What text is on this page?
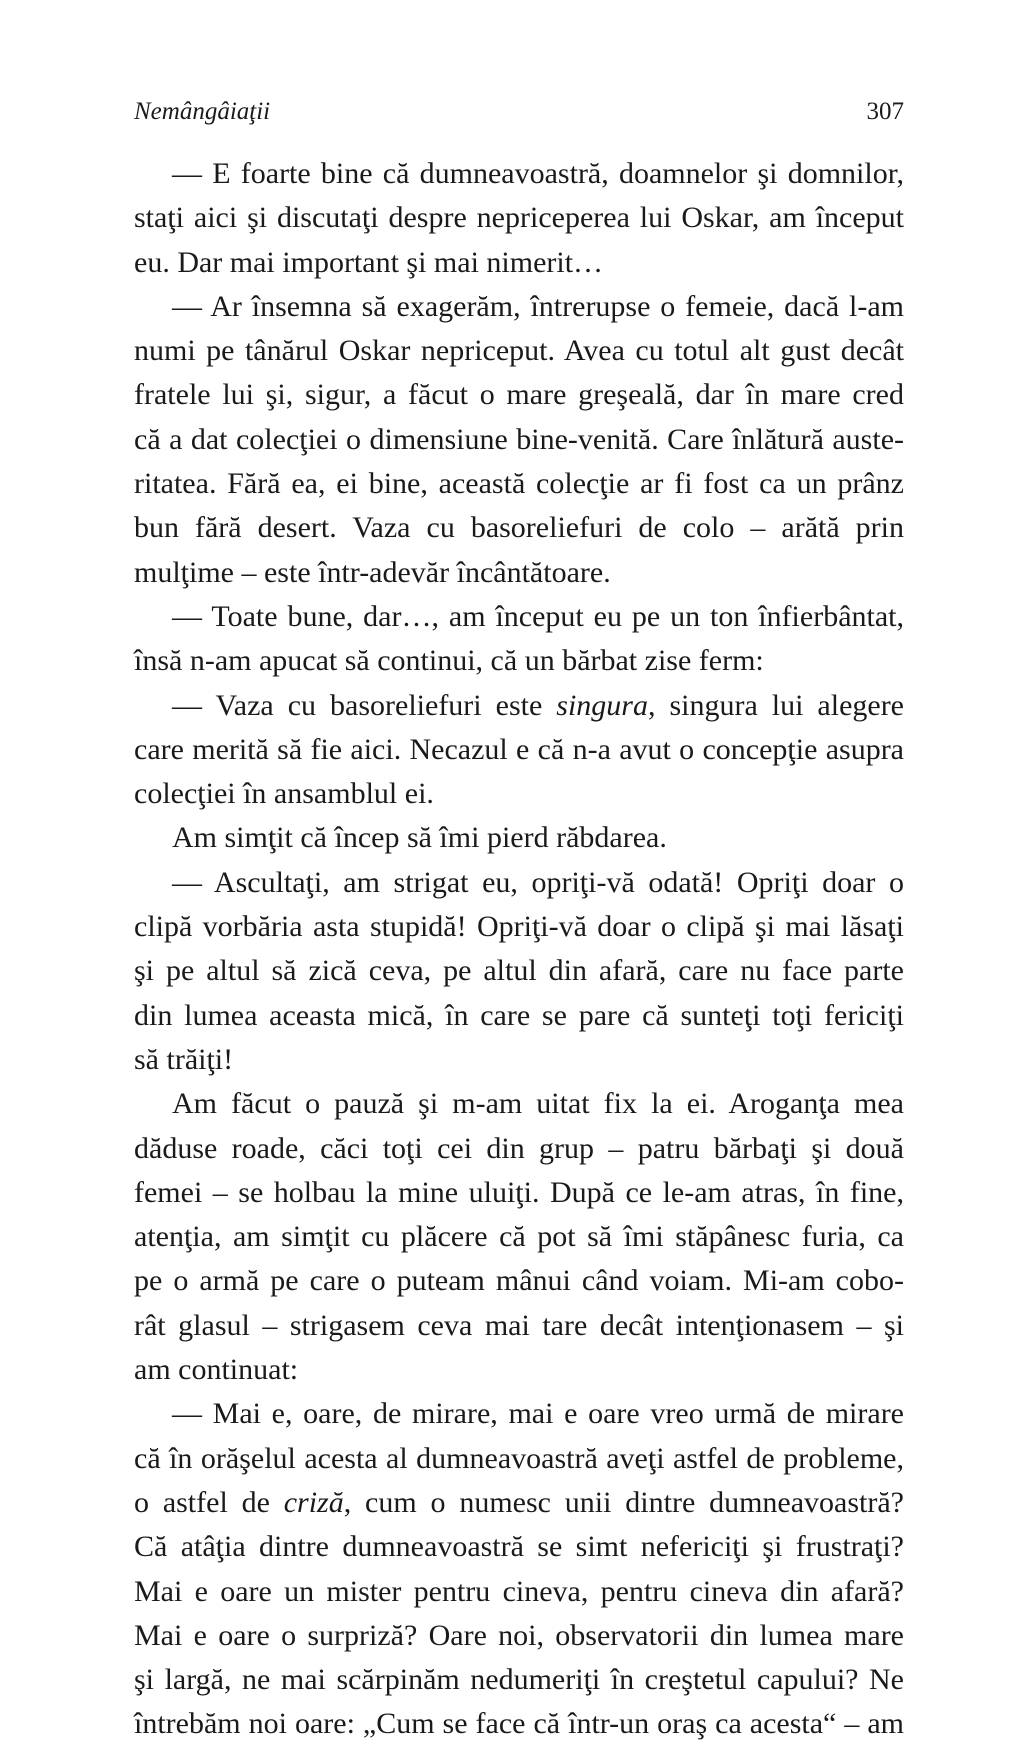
Nemângâiaţii	307
— E foarte bine că dumneavoastră, doamnelor şi domnilor,
staţi aici şi discutaţi despre nepriceperea lui Oskar, am început
eu. Dar mai important şi mai nimerit…
— Ar însemna să exagerăm, întrerupse o femeie, dacă l-am
numi pe tânărul Oskar nepriceput. Avea cu totul alt gust decât
fratele lui şi, sigur, a făcut o mare greşeală, dar în mare cred
că a dat colecţiei o dimensiune bine-venită. Care înlătură auste-
ritatea. Fără ea, ei bine, această colecţie ar fi fost ca un prânz
bun fără desert. Vaza cu basoreliefuri de colo – arătă prin
mulţime – este într-adevăr încântătoare.
— Toate bune, dar…, am început eu pe un ton înfierbântat,
însă n-am apucat să continui, că un bărbat zise ferm:
— Vaza cu basoreliefuri este singura, singura lui alegere
care merită să fie aici. Necazul e că n-a avut o concepţie asupra
colecţiei în ansamblul ei.
Am simţit că încep să îmi pierd răbdarea.
— Ascultaţi, am strigat eu, opriţi-vă odată! Opriţi doar o
clipă vorbăria asta stupidă! Opriţi-vă doar o clipă şi mai lăsaţi
şi pe altul să zică ceva, pe altul din afară, care nu face parte
din lumea aceasta mică, în care se pare că sunteţi toţi fericiţi
să trăiţi!
Am făcut o pauză şi m-am uitat fix la ei. Aroganţa mea
dăduse roade, căci toţi cei din grup – patru bărbaţi şi două
femei – se holbau la mine uluiţi. După ce le-am atras, în fine,
atenţia, am simţit cu plăcere că pot să îmi stăpânesc furia, ca
pe o armă pe care o puteam mânui când voiam. Mi-am cobo-
rât glasul – strigasem ceva mai tare decât intenţionasem – şi
am continuat:
— Mai e, oare, de mirare, mai e oare vreo urmă de mirare
că în orăşelul acesta al dumneavoastră aveţi astfel de probleme,
o astfel de criză, cum o numesc unii dintre dumneavoastră?
Că atâţia dintre dumneavoastră se simt nefericiţi şi frustraţi?
Mai e oare un mister pentru cineva, pentru cineva din afară?
Mai e oare o surpriză? Oare noi, observatorii din lumea mare
şi largă, ne mai scărpinăm nedumeriţi în creştetul capului? Ne
întrebăm noi oare: „Cum se face că într-un oraş ca acesta“ – am
